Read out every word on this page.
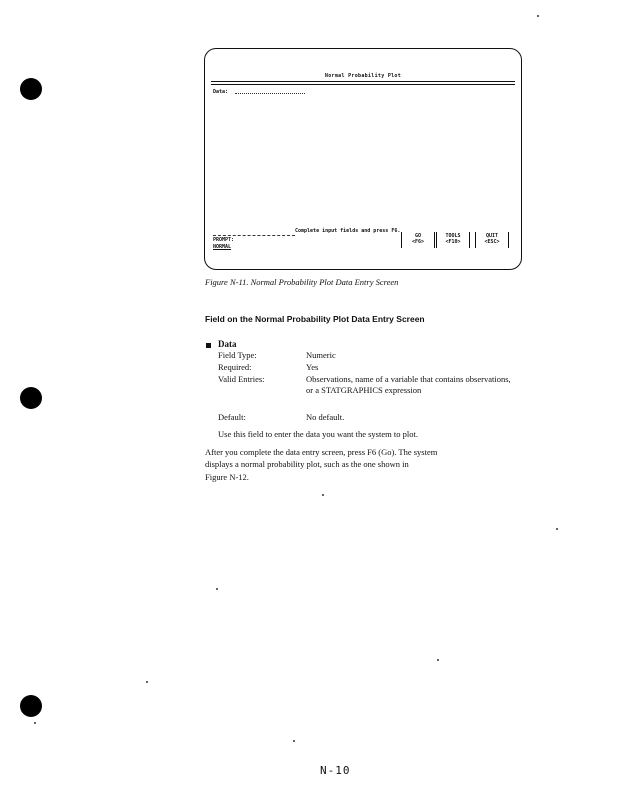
Normal Probability Plot
Data:
Complete input fields and press F6.
PROMPT:
NORMAL
GO
<F6>
TOOLS
<F10>
QUIT
<ESC>
Figure N-11. Normal Probability Plot Data Entry Screen
Field on the Normal Probability Plot Data Entry Screen
Data
Field Type:	Numeric
Required:	Yes
Valid Entries:	Observations, name of a variable that contains observations, or a STATGRAPHICS expression
Default:	No default.
Use this field to enter the data you want the system to plot.
After you complete the data entry screen, press F6 (Go). The system
displays a normal probability plot, such as the one shown in
Figure N-12.
N-10
